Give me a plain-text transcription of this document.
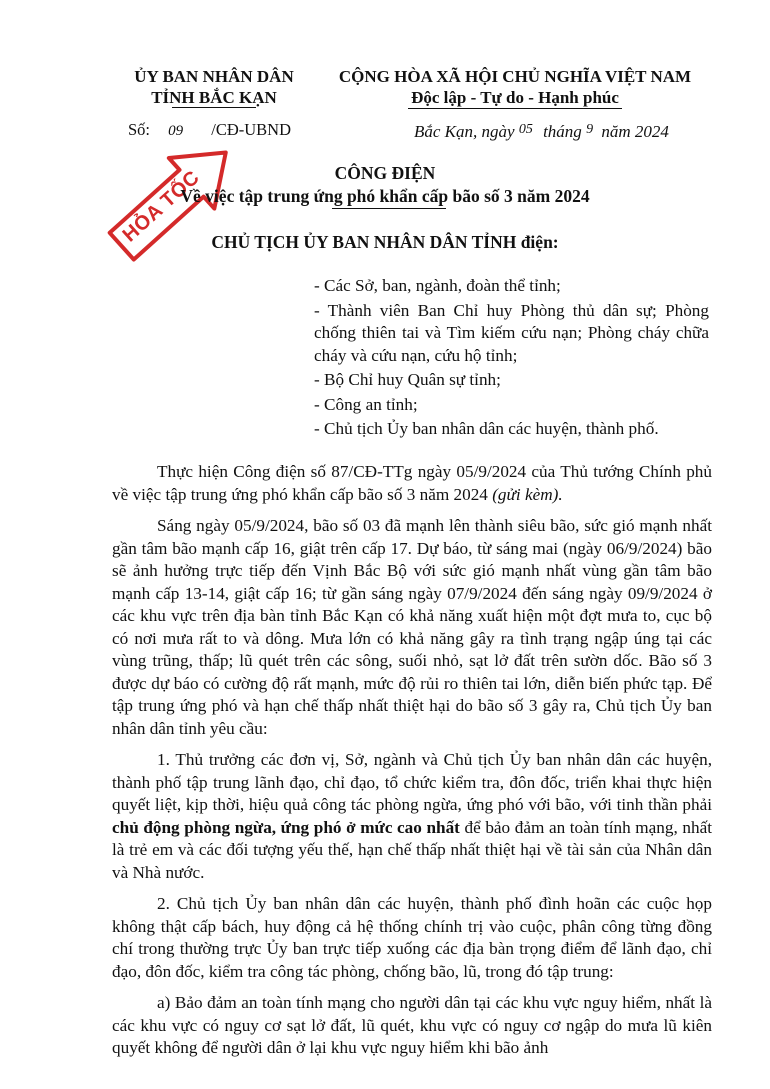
ỦY BAN NHÂN DÂN
TỈNH BẮC KẠN
CỘNG HÒA XÃ HỘI CHỦ NGHĨA VIỆT NAM
Độc lập - Tự do - Hạnh phúc
Số: 09 /CĐ-UBND	Bắc Kạn, ngày $^{05}$ tháng $^9$ năm 2024
HỎA TỐC	CÔNG ĐIỆN
Về việc tập trung ứng phó khẩn cấp bão số 3 năm 2024
CHỦ TỊCH ỦY BAN NHÂN DÂN TỈNH điện:
- Các Sở, ban, ngành, đoàn thể tỉnh;
- Thành viên Ban Chỉ huy Phòng thủ dân sự; Phòng chống thiên tai và Tìm kiếm cứu nạn; Phòng cháy chữa cháy và cứu nạn, cứu hộ tỉnh;
- Bộ Chỉ huy Quân sự tỉnh;
- Công an tỉnh;
- Chủ tịch Ủy ban nhân dân các huyện, thành phố.

Thực hiện Công điện số 87/CĐ-TTg ngày 05/9/2024 của Thủ tướng Chính phủ về việc tập trung ứng phó khẩn cấp bão số 3 năm 2024 (gửi kèm).

Sáng ngày 05/9/2024, bão số 03 đã mạnh lên thành siêu bão, sức gió mạnh nhất gần tâm bão mạnh cấp 16, giật trên cấp 17. Dự báo, từ sáng mai (ngày 06/9/2024) bão sẽ ảnh hưởng trực tiếp đến Vịnh Bắc Bộ với sức gió mạnh nhất vùng gần tâm bão mạnh cấp 13-14, giật cấp 16; từ gần sáng ngày 07/9/2024 đến sáng ngày 09/9/2024 ở các khu vực trên địa bàn tỉnh Bắc Kạn có khả năng xuất hiện một đợt mưa to, cục bộ có nơi mưa rất to và dông. Mưa lớn có khả năng gây ra tình trạng ngập úng tại các vùng trũng, thấp; lũ quét trên các sông, suối nhỏ, sạt lở đất trên sườn dốc. Bão số 3 được dự báo có cường độ rất mạnh, mức độ rủi ro thiên tai lớn, diễn biến phức tạp. Để tập trung ứng phó và hạn chế thấp nhất thiệt hại do bão số 3 gây ra, Chủ tịch Ủy ban nhân dân tỉnh yêu cầu:

1. Thủ trưởng các đơn vị, Sở, ngành và Chủ tịch Ủy ban nhân dân các huyện, thành phố tập trung lãnh đạo, chỉ đạo, tổ chức kiểm tra, đôn đốc, triển khai thực hiện quyết liệt, kịp thời, hiệu quả công tác phòng ngừa, ứng phó với bão, với tinh thần phải chủ động phòng ngừa, ứng phó ở mức cao nhất để bảo đảm an toàn tính mạng, nhất là trẻ em và các đối tượng yếu thế, hạn chế thấp nhất thiệt hại về tài sản của Nhân dân và Nhà nước.

2. Chủ tịch Ủy ban nhân dân các huyện, thành phố đình hoãn các cuộc họp không thật cấp bách, huy động cả hệ thống chính trị vào cuộc, phân công từng đồng chí trong thường trực Ủy ban trực tiếp xuống các địa bàn trọng điểm để lãnh đạo, chỉ đạo, đôn đốc, kiểm tra công tác phòng, chống bão, lũ, trong đó tập trung:

a) Bảo đảm an toàn tính mạng cho người dân tại các khu vực nguy hiểm, nhất là các khu vực có nguy cơ sạt lở đất, lũ quét, khu vực có nguy cơ ngập do mưa lũ kiên quyết không để người dân ở lại khu vực nguy hiểm khi bão ảnh
